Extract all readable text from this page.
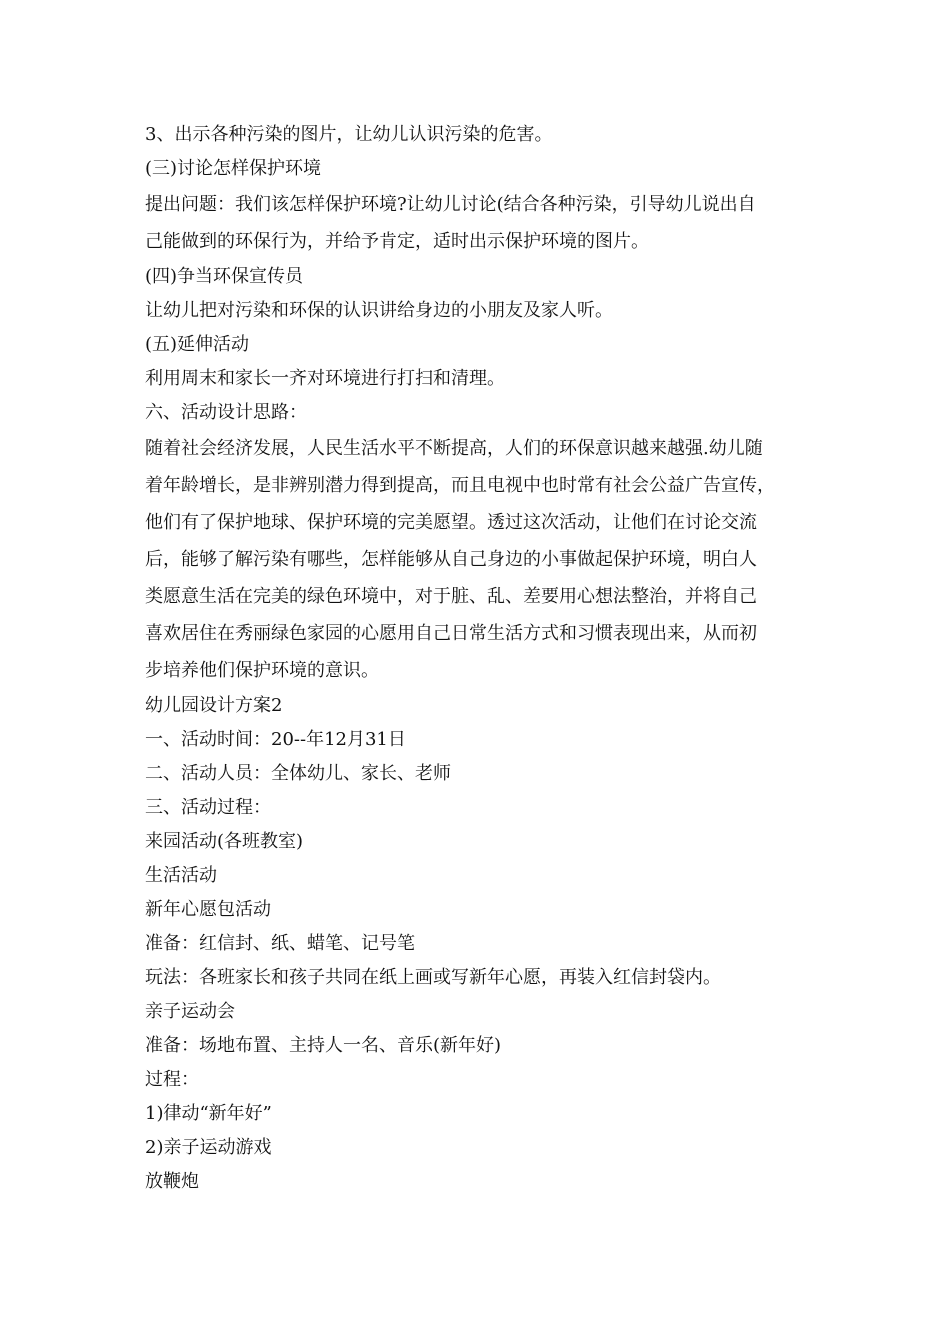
3、出示各种污染的图片，让幼儿认识污染的危害。
(三)讨论怎样保护环境
提出问题：我们该怎样保护环境?让幼儿讨论(结合各种污染，引导幼儿说出自
己能做到的环保行为，并给予肯定，适时出示保护环境的图片。
(四)争当环保宣传员
让幼儿把对污染和环保的认识讲给身边的小朋友及家人听。
(五)延伸活动
利用周末和家长一齐对环境进行打扫和清理。
六、活动设计思路：
随着社会经济发展，人民生活水平不断提高，人们的环保意识越来越强.幼儿随
着年龄增长，是非辨别潜力得到提高，而且电视中也时常有社会公益广告宣传，
他们有了保护地球、保护环境的完美愿望。透过这次活动，让他们在讨论交流
后，能够了解污染有哪些，怎样能够从自己身边的小事做起保护环境，明白人
类愿意生活在完美的绿色环境中，对于脏、乱、差要用心想法整治，并将自己
喜欢居住在秀丽绿色家园的心愿用自己日常生活方式和习惯表现出来，从而初
步培养他们保护环境的意识。
幼儿园设计方案2
一、活动时间：20--年12月31日
二、活动人员：全体幼儿、家长、老师
三、活动过程：
来园活动(各班教室)
生活活动
新年心愿包活动
准备：红信封、纸、蜡笔、记号笔
玩法：各班家长和孩子共同在纸上画或写新年心愿，再装入红信封袋内。
亲子运动会
准备：场地布置、主持人一名、音乐(新年好)
过程：
1)律动“新年好”
2)亲子运动游戏
放鞭炮
